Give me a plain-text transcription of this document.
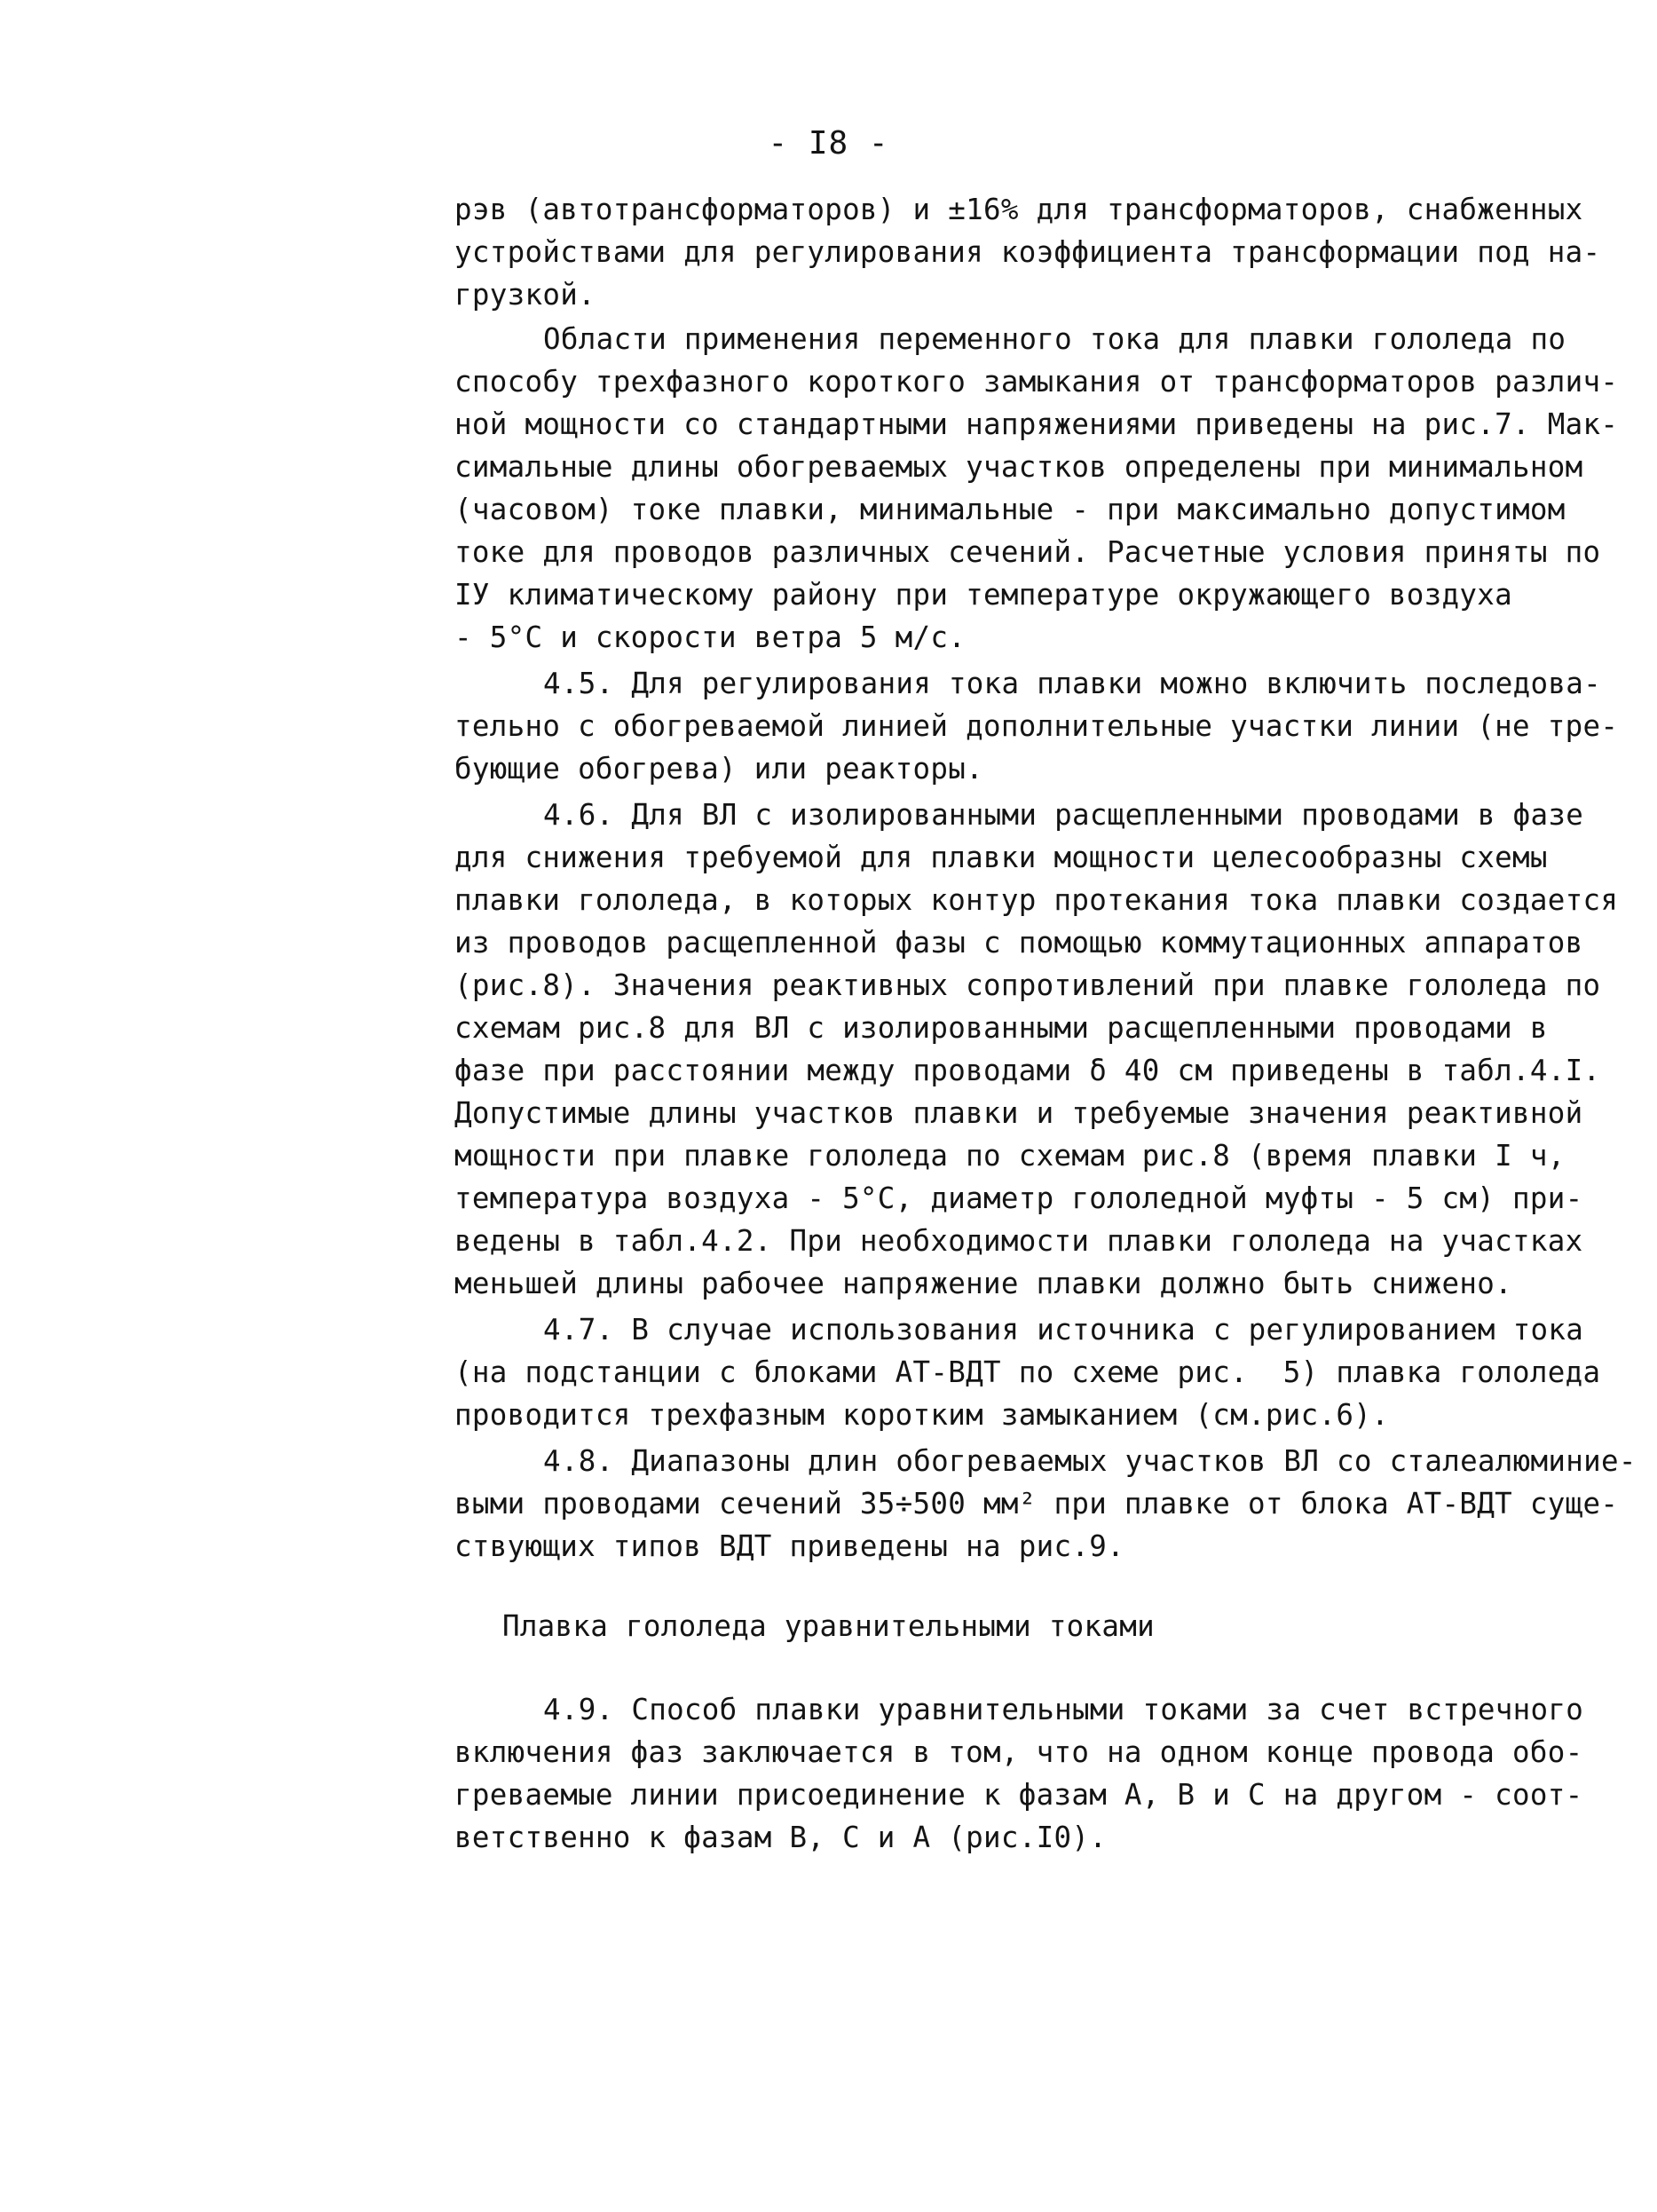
- I8 -
рэв (автотрансформаторов) и ±16% для трансформаторов, снабженных
устройствами для регулирования коэффициента трансформации под на-
грузкой.
Области применения переменного тока для плавки гололеда по
способу трехфазного короткого замыкания от трансформаторов различ-
ной мощности со стандартными напряжениями приведены на рис.7. Мак-
симальные длины обогреваемых участков определены при минимальном
(часовом) токе плавки, минимальные - при максимально допустимом
токе для проводов различных сечений. Расчетные условия приняты по
IУ климатическому району при температуре окружающего воздуха
- 5°С и скорости ветра 5 м/с.
4.5. Для регулирования тока плавки можно включить последова-
тельно с обогреваемой линией дополнительные участки линии (не тре-
бующие обогрева) или реакторы.
4.6. Для ВЛ с изолированными расщепленными проводами в фазе
для снижения требуемой для плавки мощности целесообразны схемы
плавки гололеда, в которых контур протекания тока плавки создается
из проводов расщепленной фазы с помощью коммутационных аппаратов
(рис.8). Значения реактивных сопротивлений при плавке гололеда по
схемам рис.8 для ВЛ с изолированными расщепленными проводами в
фазе при расстоянии между проводами δ 40 см приведены в табл.4.I.
Допустимые длины участков плавки и требуемые значения реактивной
мощности при плавке гололеда по схемам рис.8 (время плавки I ч,
температура воздуха - 5°С, диаметр гололедной муфты - 5 см) при-
ведены в табл.4.2. При необходимости плавки гололеда на участках
меньшей длины рабочее напряжение плавки должно быть снижено.
4.7. В случае использования источника с регулированием тока
(на подстанции с блоками АТ-ВДТ по схеме рис.  5) плавка гололеда
проводится трехфазным коротким замыканием (см.рис.6).
4.8. Диапазоны длин обогреваемых участков ВЛ со сталеалюминие-
выми проводами сечений 35÷500 мм² при плавке от блока АТ-ВДТ суще-
ствующих типов ВДТ приведены на рис.9.
Плавка гололеда уравнительными токами
4.9. Способ плавки уравнительными токами за счет встречного
включения фаз заключается в том, что на одном конце провода обо-
греваемые линии присоединение к фазам А, В и С на другом - соот-
ветственно к фазам В, С и А (рис.I0).
